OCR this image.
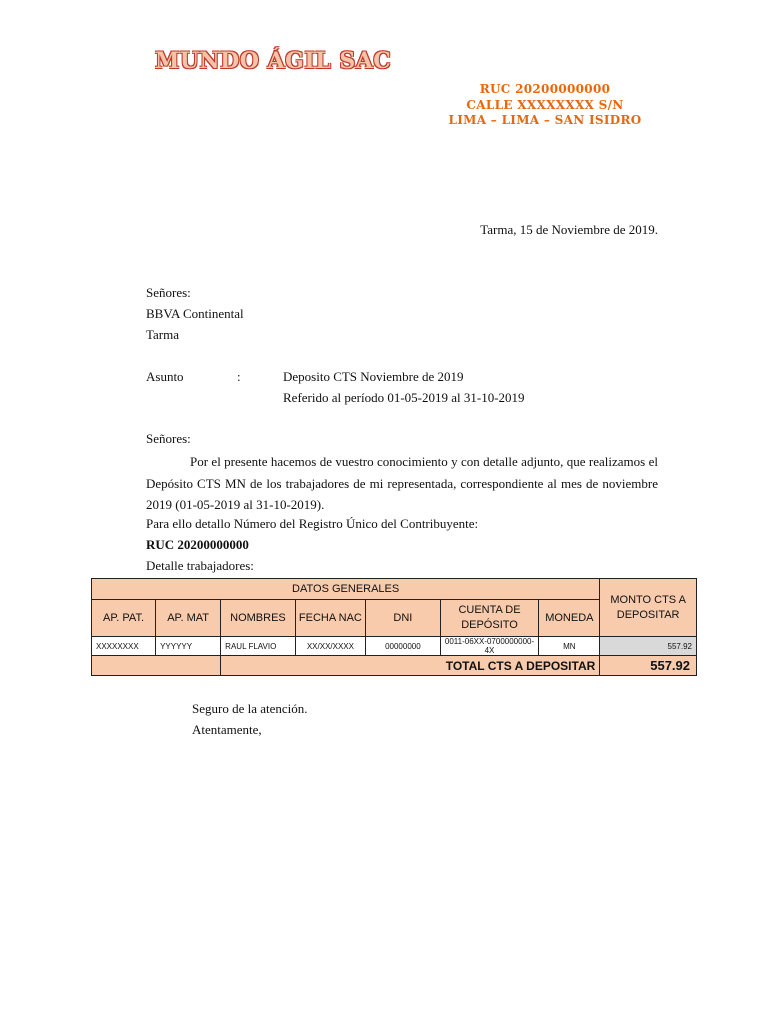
MUNDO ÁGIL SAC
RUC 20200000000
CALLE XXXXXXXX S/N
LIMA – LIMA – SAN ISIDRO
Tarma, 15 de Noviembre de 2019.
Señores:
BBVA Continental
Tarma
Asunto	:	Deposito CTS Noviembre de 2019
Referido al período 01-05-2019 al 31-10-2019
Señores:
Por el presente hacemos de vuestro conocimiento y con detalle adjunto, que realizamos el Depósito CTS MN de los trabajadores de mi representada, correspondiente al mes de noviembre 2019 (01-05-2019 al 31-10-2019).
Para ello detallo Número del Registro Único del Contribuyente:
RUC 20200000000
Detalle trabajadores:
DATOS GENERALES							MONTO CTS A DEPOSITAR
AP. PAT.	AP. MAT	NOMBRES	FECHA NAC	DNI	CUENTA DE DEPÓSITO	MONEDA	
XXXXXXXX	YYYYYY	RAUL FLAVIO	XX/XX/XXXX	00000000	0011-06XX-0700000000-4X	MN	557.92
		TOTAL CTS A DEPOSITAR					557.92
Seguro de la atención.
Atentamente,
